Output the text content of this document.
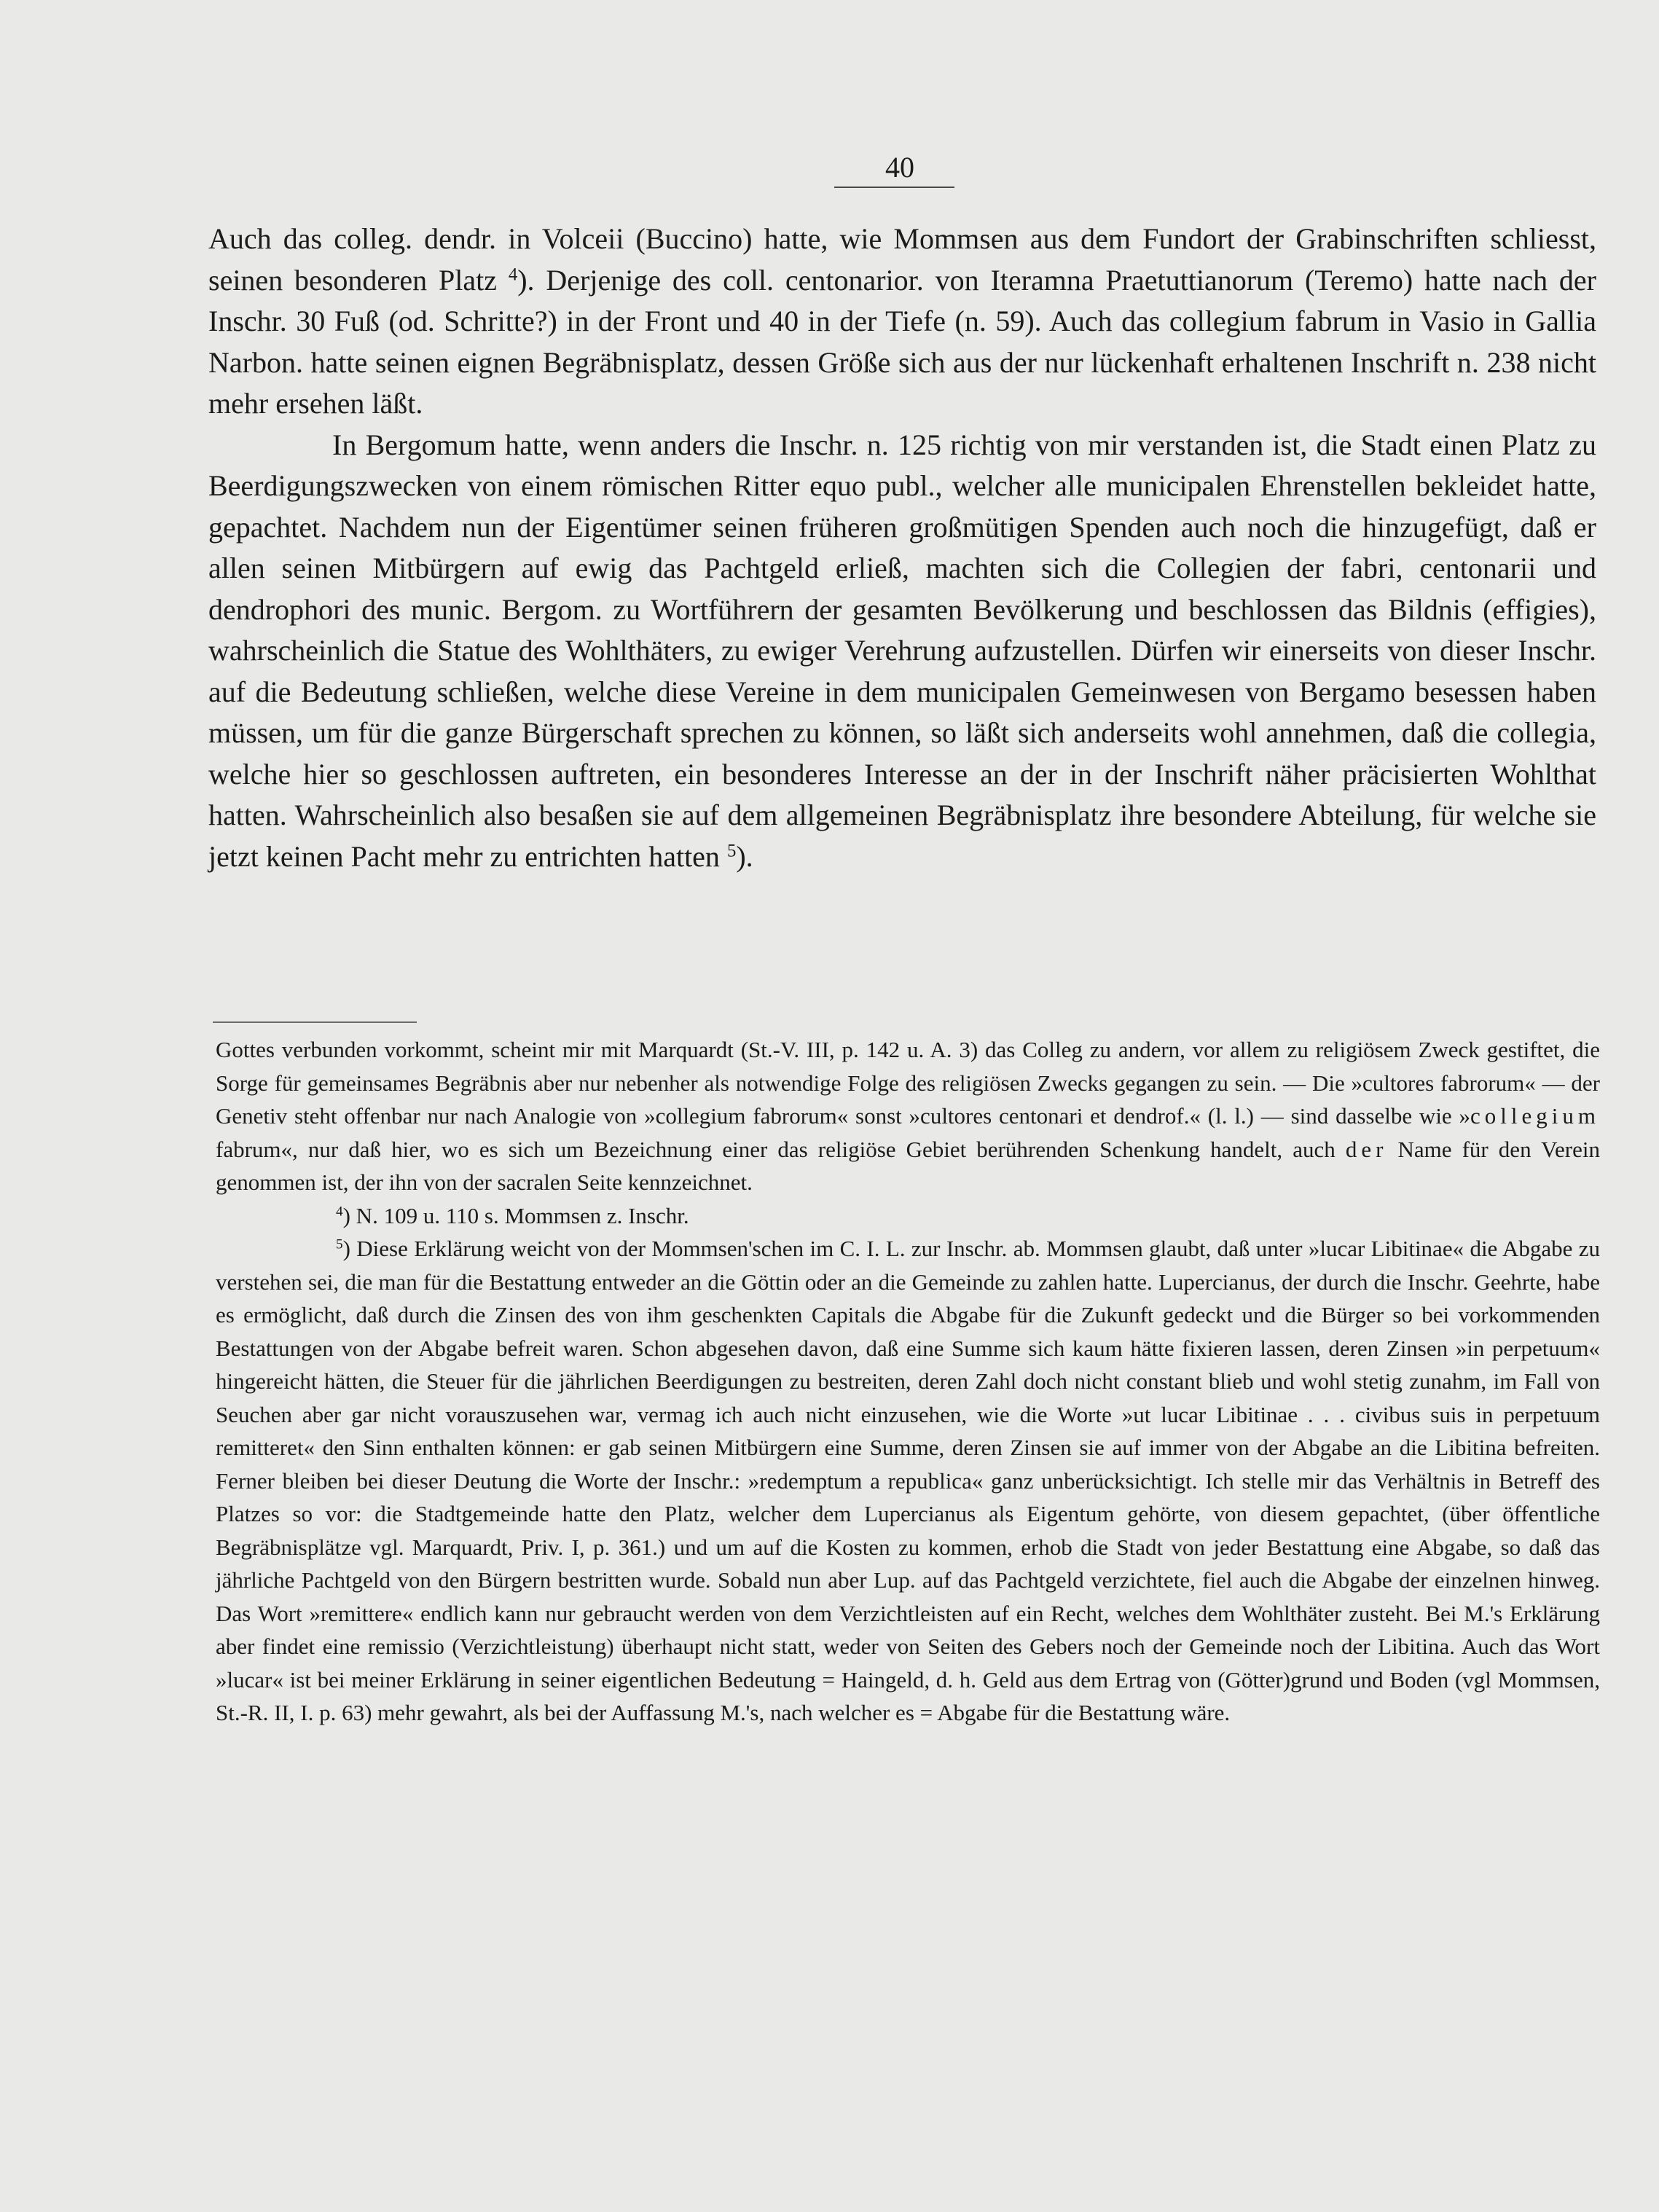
40

Auch das colleg. dendr. in Volceii (Buccino) hatte, wie Mommsen aus dem Fundort der Grabinschriften schliesst, seinen besonderen Platz $^4$). Derjenige des coll. centonarior. von Iteramna Praetuttianorum (Teremo) hatte nach der Inschr. 30 Fuß (od. Schritte?) in der Front und 40 in der Tiefe (n. 59). Auch das collegium fabrum in Vasio in Gallia Narbon. hatte seinen eignen Begräbnisplatz, dessen Größe sich aus der nur lückenhaft erhaltenen Inschrift n. 238 nicht mehr ersehen läßt.

In Bergomum hatte, wenn anders die Inschr. n. 125 richtig von mir verstanden ist, die Stadt einen Platz zu Beerdigungszwecken von einem römischen Ritter equo publ., welcher alle municipalen Ehrenstellen bekleidet hatte, gepachtet. Nachdem nun der Eigentümer seinen früheren großmütigen Spenden auch noch die hinzugefügt, daß er allen seinen Mitbürgern auf ewig das Pachtgeld erließ, machten sich die Collegien der fabri, centonarii und dendrophori des munic. Bergom. zu Wortführern der gesamten Bevölkerung und beschlossen das Bildnis (effigies), wahrscheinlich die Statue des Wohlthäters, zu ewiger Verehrung aufzustellen. Dürfen wir einerseits von dieser Inschr. auf die Bedeutung schließen, welche diese Vereine in dem municipalen Gemeinwesen von Bergamo besessen haben müssen, um für die ganze Bürgerschaft sprechen zu können, so läßt sich anderseits wohl annehmen, daß die collegia, welche hier so geschlossen auftreten, ein besonderes Interesse an der in der Inschrift näher präcisierten Wohlthat hatten. Wahrscheinlich also besaßen sie auf dem allgemeinen Begräbnisplatz ihre besondere Abteilung, für welche sie jetzt keinen Pacht mehr zu entrichten hatten $^5$).

Gottes verbunden vorkommt, scheint mir mit Marquardt (St.-V. III, p. 142 u. A. 3) das Colleg zu andern, vor allem zu religiösem Zweck gestiftet, die Sorge für gemeinsames Begräbnis aber nur nebenher als notwendige Folge des religiösen Zwecks gegangen zu sein. — Die »cultores fabrorum« — der Genetiv steht offenbar nur nach Analogie von »collegium fabrorum« sonst »cultores centonari et dendrof.« (l. l.) — sind dasselbe wie »collegium fabrum«, nur daß hier, wo es sich um Bezeichnung einer das religiöse Gebiet berührenden Schenkung handelt, auch der Name für den Verein genommen ist, der ihn von der sacralen Seite kennzeichnet.

$^4$) N. 109 u. 110 s. Mommsen z. Inschr.

$^5$) Diese Erklärung weicht von der Mommsen'schen im C. I. L. zur Inschr. ab. Mommsen glaubt, daß unter »lucar Libitinae« die Abgabe zu verstehen sei, die man für die Bestattung entweder an die Göttin oder an die Gemeinde zu zahlen hatte. Lupercianus, der durch die Inschr. Geehrte, habe es ermöglicht, daß durch die Zinsen des von ihm geschenkten Capitals die Abgabe für die Zukunft gedeckt und die Bürger so bei vorkommenden Bestattungen von der Abgabe befreit waren. Schon abgesehen davon, daß eine Summe sich kaum hätte fixieren lassen, deren Zinsen »in perpetuum« hingereicht hätten, die Steuer für die jährlichen Beerdigungen zu bestreiten, deren Zahl doch nicht constant blieb und wohl stetig zunahm, im Fall von Seuchen aber gar nicht vorauszusehen war, vermag ich auch nicht einzusehen, wie die Worte »ut lucar Libitinae . . . civibus suis in perpetuum remitteret« den Sinn enthalten können: er gab seinen Mitbürgern eine Summe, deren Zinsen sie auf immer von der Abgabe an die Libitina befreiten. Ferner bleiben bei dieser Deutung die Worte der Inschr.: »redemptum a republica« ganz unberücksichtigt. Ich stelle mir das Verhältnis in Betreff des Platzes so vor: die Stadtgemeinde hatte den Platz, welcher dem Lupercianus als Eigentum gehörte, von diesem gepachtet, (über öffentliche Begräbnisplätze vgl. Marquardt, Priv. I, p. 361.) und um auf die Kosten zu kommen, erhob die Stadt von jeder Bestattung eine Abgabe, so daß das jährliche Pachtgeld von den Bürgern bestritten wurde. Sobald nun aber Lup. auf das Pachtgeld verzichtete, fiel auch die Abgabe der einzelnen hinweg. Das Wort »remittere« endlich kann nur gebraucht werden von dem Verzichtleisten auf ein Recht, welches dem Wohlthäter zusteht. Bei M.'s Erklärung aber findet eine remissio (Verzichtleistung) überhaupt nicht statt, weder von Seiten des Gebers noch der Gemeinde noch der Libitina. Auch das Wort »lucar« ist bei meiner Erklärung in seiner eigentlichen Bedeutung = Haingeld, d. h. Geld aus dem Ertrag von (Götter)grund und Boden (vgl Mommsen, St.-R. II, I. p. 63) mehr gewahrt, als bei der Auffassung M.'s, nach welcher es = Abgabe für die Bestattung wäre.
